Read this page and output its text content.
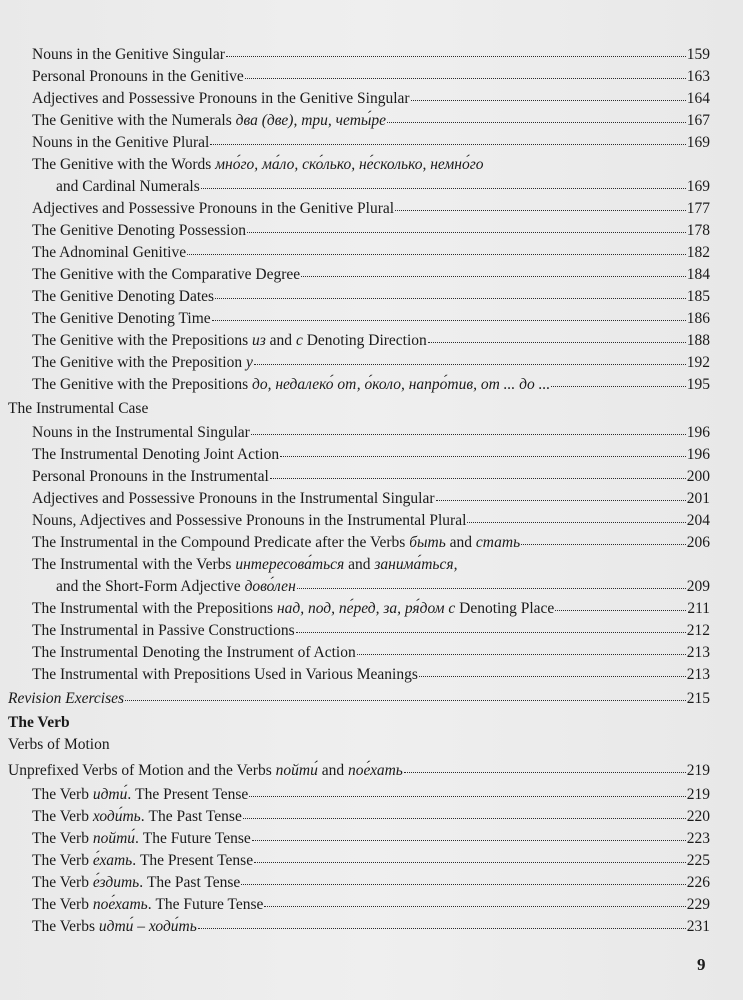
Nouns in the Genitive Singular	159
Personal Pronouns in the Genitive	163
Adjectives and Possessive Pronouns in the Genitive Singular	164
The Genitive with the Numerals два (две), три, четы́ре	167
Nouns in the Genitive Plural	169
The Genitive with the Words мно́го, ма́ло, ско́лько, не́сколько, немно́го
and Cardinal Numerals	169
Adjectives and Possessive Pronouns in the Genitive Plural	177
The Genitive Denoting Possession	178
The Adnominal Genitive	182
The Genitive with the Comparative Degree	184
The Genitive Denoting Dates	185
The Genitive Denoting Time	186
The Genitive with the Prepositions из and с Denoting Direction	188
The Genitive with the Preposition у	192
The Genitive with the Prepositions до, недалеко́ от, о́коло, напро́тив, от ... до ...	195
The Instrumental Case
Nouns in the Instrumental Singular	196
The Instrumental Denoting Joint Action	196
Personal Pronouns in the Instrumental	200
Adjectives and Possessive Pronouns in the Instrumental Singular	201
Nouns, Adjectives and Possessive Pronouns in the Instrumental Plural	204
The Instrumental in the Compound Predicate after the Verbs быть and стать	206
The Instrumental with the Verbs интересова́ться and занима́ться,
and the Short-Form Adjective дово́лен	209
The Instrumental with the Prepositions над, под, пе́ред, за, ря́дом с Denoting Place	211
The Instrumental in Passive Constructions	212
The Instrumental Denoting the Instrument of Action	213
The Instrumental with Prepositions Used in Various Meanings	213
Revision Exercises	215
The Verb
Verbs of Motion
Unprefixed Verbs of Motion and the Verbs пойти́ and пое́хать	219
The Verb идти́. The Present Tense	219
The Verb ходи́ть. The Past Tense	220
The Verb пойти́. The Future Tense	223
The Verb е́хать. The Present Tense	225
The Verb е́здить. The Past Tense	226
The Verb пое́хать. The Future Tense	229
The Verbs идти́ – ходи́ть	231
9
